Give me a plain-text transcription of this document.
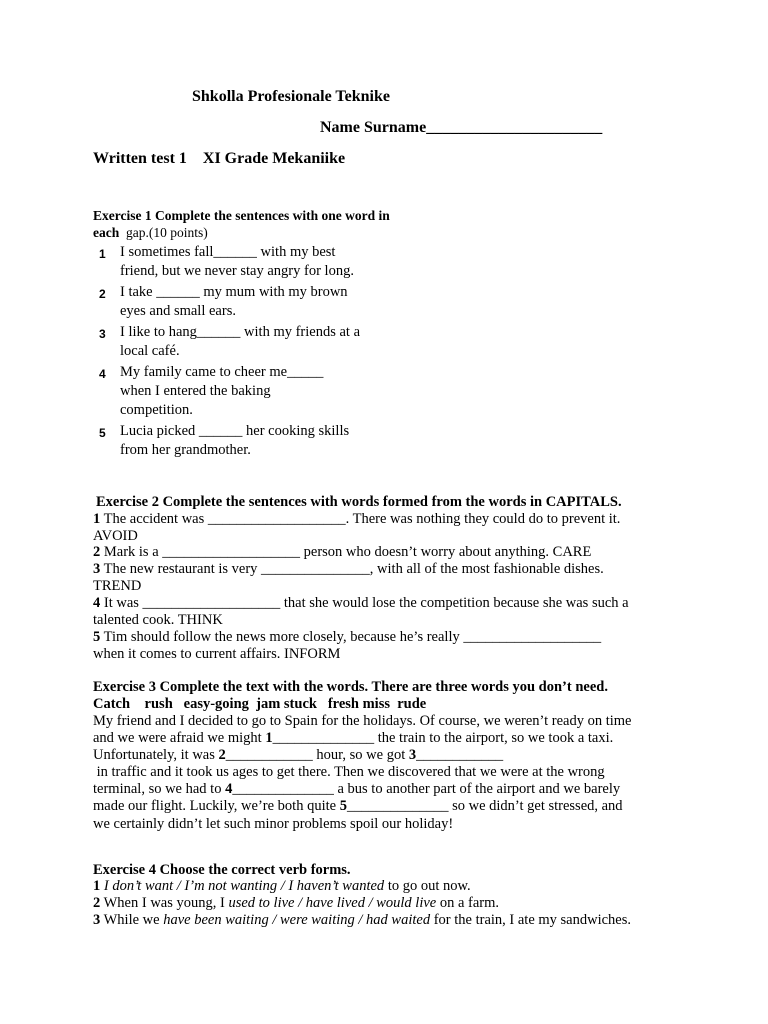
Shkolla Profesionale Teknike
Name Surname______________________
Written test 1    XI Grade Mekaniike
Exercise 1 Complete the sentences with one word in each gap.(10 points)
1 I sometimes fall______ with my best friend, but we never stay angry for long.
2 I take ______ my mum with my brown eyes and small ears.
3 I like to hang______ with my friends at a local café.
4 My family came to cheer me_____ when I entered the baking competition.
5 Lucia picked ______ her cooking skills from her grandmother.
Exercise 2 Complete the sentences with words formed from the words in CAPITALS.
1 The accident was ___________________. There was nothing they could do to prevent it.
AVOID
2 Mark is a ___________________ person who doesn’t worry about anything. CARE
3 The new restaurant is very _______________, with all of the most fashionable dishes.
TREND
4 It was ___________________ that she would lose the competition because she was such a
talented cook. THINK
5 Tim should follow the news more closely, because he’s really ___________________
when it comes to current affairs. INFORM
Exercise 3 Complete the text with the words. There are three words you don’t need.
Catch    rush   easy-going  jam stuck   fresh miss  rude
My friend and I decided to go to Spain for the holidays. Of course, we weren’t ready on time
and we were afraid we might 1______________ the train to the airport, so we took a taxi.
Unfortunately, it was 2____________ hour, so we got 3____________
in traffic and it took us ages to get there. Then we discovered that we were at the wrong
terminal, so we had to 4______________ a bus to another part of the airport and we barely
made our flight. Luckily, we’re both quite 5______________ so we didn’t get stressed, and
we certainly didn’t let such minor problems spoil our holiday!
Exercise 4 Choose the correct verb forms.
1 I don’t want / I’m not wanting / I haven’t wanted to go out now.
2 When I was young, I used to live / have lived / would live on a farm.
3 While we have been waiting / were waiting / had waited for the train, I ate my sandwiches.
